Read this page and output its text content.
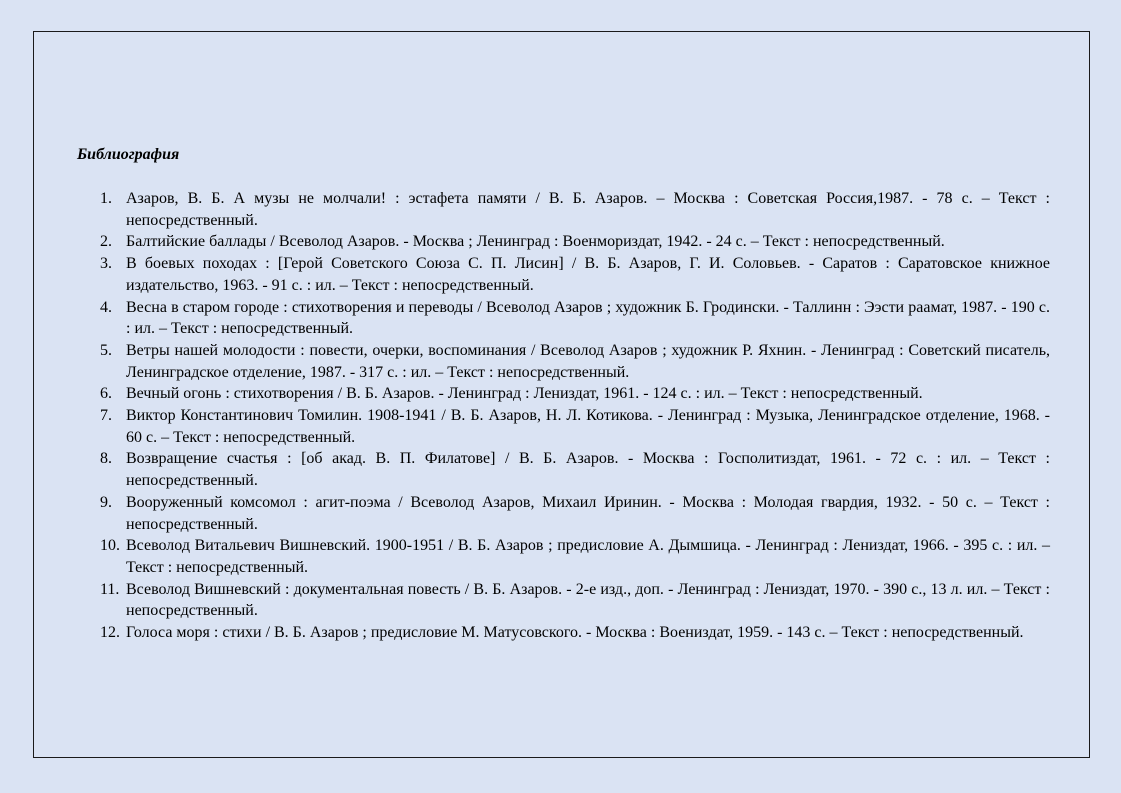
Библиография
1. Азаров, В. Б. А музы не молчали! : эстафета памяти / В. Б. Азаров. – Москва : Советская Россия,1987. - 78 с. – Текст : непосредственный.
2. Балтийские баллады / Всеволод Азаров. - Москва ; Ленинград : Военмориздат, 1942. - 24 с. – Текст : непосредственный.
3. В боевых походах : [Герой Советского Союза С. П. Лисин] / В. Б. Азаров, Г. И. Соловьев. - Саратов : Саратовское книжное издательство, 1963. - 91 с. : ил. – Текст : непосредственный.
4. Весна в старом городе : стихотворения и переводы / Всеволод Азаров ; художник Б. Гродински. - Таллинн : Ээсти раамат, 1987. - 190 с. : ил. – Текст : непосредственный.
5. Ветры нашей молодости : повести, очерки, воспоминания / Всеволод Азаров ; художник Р. Яхнин. - Ленинград : Советский писатель, Ленинградское отделение, 1987. - 317 с. : ил. – Текст : непосредственный.
6. Вечный огонь : стихотворения / В. Б. Азаров. - Ленинград : Лениздат, 1961. - 124 с. : ил. – Текст : непосредственный.
7. Виктор Константинович Томилин. 1908-1941 / В. Б. Азаров, Н. Л. Котикова. - Ленинград : Музыка, Ленинградское отделение, 1968. - 60 с. – Текст : непосредственный.
8. Возвращение счастья : [об акад. В. П. Филатове] / В. Б. Азаров. - Москва : Госполитиздат, 1961. - 72 с. : ил. – Текст : непосредственный.
9. Вооруженный комсомол : агит-поэма / Всеволод Азаров, Михаил Иринин. - Москва : Молодая гвардия, 1932. - 50 с. – Текст : непосредственный.
10. Всеволод Витальевич Вишневский. 1900-1951 / В. Б. Азаров ; предисловие А. Дымшица. - Ленинград : Лениздат, 1966. - 395 с. : ил. – Текст : непосредственный.
11. Всеволод Вишневский : документальная повесть / В. Б. Азаров. - 2-е изд., доп. - Ленинград : Лениздат, 1970. - 390 с., 13 л. ил. – Текст : непосредственный.
12. Голоса моря : стихи / В. Б. Азаров ; предисловие М. Матусовского. - Москва : Воениздат, 1959. - 143 с. – Текст : непосредственный.
